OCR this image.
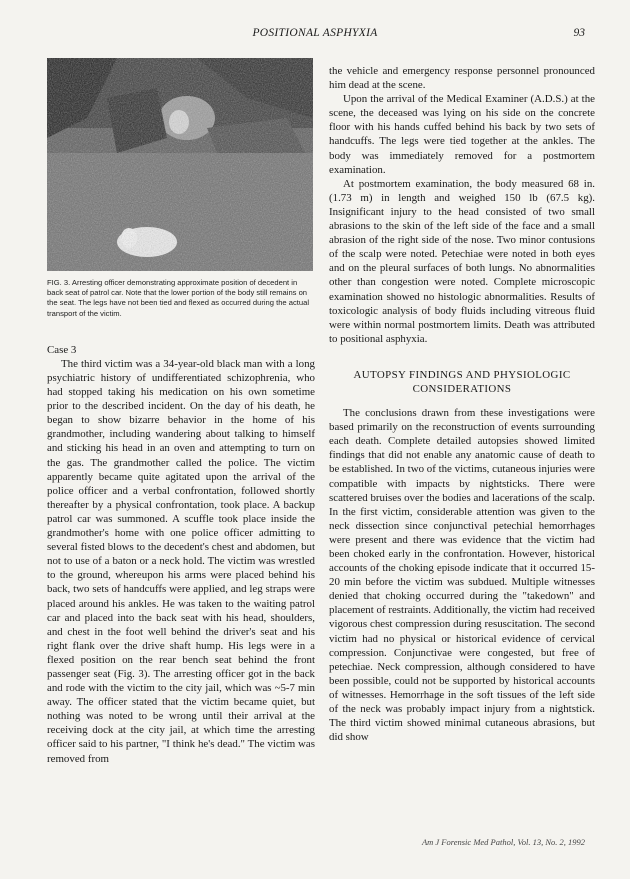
POSITIONAL ASPHYXIA	93
FIG. 3. Arresting officer demonstrating approximate position of decedent in back seat of patrol car. Note that the lower portion of the body still remains on the seat. The legs have not been tied and flexed as occurred during the actual transport of the victim.
Case 3

The third victim was a 34-year-old black man with a long psychiatric history of undifferentiated schizophrenia, who had stopped taking his medication on his own sometime prior to the described incident. On the day of his death, he began to show bizarre behavior in the home of his grandmother, including wandering about talking to himself and sticking his head in an oven and attempting to turn on the gas. The grandmother called the police. The victim apparently became quite agitated upon the arrival of the police officer and a verbal confrontation, followed shortly thereafter by a physical confrontation, took place. A backup patrol car was summoned. A scuffle took place inside the grandmother's home with one police officer admitting to several fisted blows to the decedent's chest and abdomen, but not to use of a baton or a neck hold. The victim was wrestled to the ground, whereupon his arms were placed behind his back, two sets of handcuffs were applied, and leg straps were placed around his ankles. He was taken to the waiting patrol car and placed into the back seat with his head, shoulders, and chest in the foot well behind the driver's seat and his right flank over the drive shaft hump. His legs were in a flexed position on the rear bench seat behind the front passenger seat (Fig. 3). The arresting officer got in the back and rode with the victim to the city jail, which was ~5-7 min away. The officer stated that the victim became quiet, but nothing was noted to be wrong until their arrival at the receiving dock at the city jail, at which time the arresting officer said to his partner, "I think he's dead." The victim was removed from

the vehicle and emergency response personnel pronounced him dead at the scene.

Upon the arrival of the Medical Examiner (A.D.S.) at the scene, the deceased was lying on his side on the concrete floor with his hands cuffed behind his back by two sets of handcuffs. The legs were tied together at the ankles. The body was immediately removed for a postmortem examination.

At postmortem examination, the body measured 68 in. (1.73 m) in length and weighed 150 lb (67.5 kg). Insignificant injury to the head consisted of two small abrasions to the skin of the left side of the face and a small abrasion of the right side of the nose. Two minor contusions of the scalp were noted. Petechiae were noted in both eyes and on the pleural surfaces of both lungs. No abnormalities other than congestion were noted. Complete microscopic examination showed no histologic abnormalities. Results of toxicologic analysis of body fluids including vitreous fluid were within normal postmortem limits. Death was attributed to positional asphyxia.

AUTOPSY FINDINGS AND PHYSIOLOGIC
CONSIDERATIONS

The conclusions drawn from these investigations were based primarily on the reconstruction of events surrounding each death. Complete detailed autopsies showed limited findings that did not enable any anatomic cause of death to be established. In two of the victims, cutaneous injuries were compatible with impacts by nightsticks. There were scattered bruises over the bodies and lacerations of the scalp. In the first victim, considerable attention was given to the neck dissection since conjunctival petechial hemorrhages were present and there was evidence that the victim had been choked early in the confrontation. However, historical accounts of the choking episode indicate that it occurred 15-20 min before the victim was subdued. Multiple witnesses denied that choking occurred during the "takedown" and placement of restraints. Additionally, the victim had received vigorous chest compression during resuscitation. The second victim had no physical or historical evidence of cervical compression. Conjunctivae were congested, but free of petechiae. Neck compression, although considered to have been possible, could not be supported by historical accounts of witnesses. Hemorrhage in the soft tissues of the left side of the neck was probably impact injury from a nightstick. The third victim showed minimal cutaneous abrasions, but did show

Am J Forensic Med Pathol, Vol. 13, No. 2, 1992
